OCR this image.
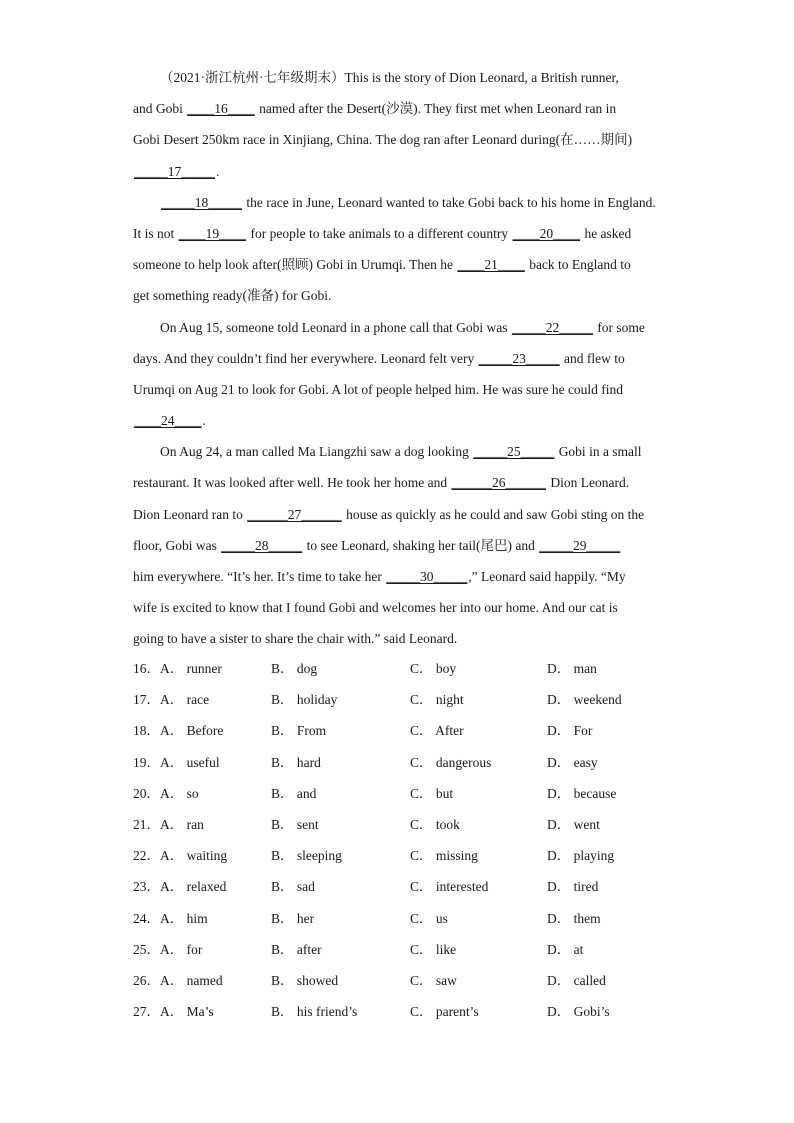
（2021·浙江杭州·七年级期末）This is the story of Dion Leonard, a British runner,
and Gobi ____16____ named after the Desert(沙漠). They first met when Leonard ran in
Gobi Desert 250km race in Xinjiang, China. The dog ran after Leonard during(在……期间)
_____17_____.
_____18_____ the race in June, Leonard wanted to take Gobi back to his home in England.
It is not ____19____ for people to take animals to a different country ____20____ he asked
someone to help look after(照顾) Gobi in Urumqi. Then he ____21____ back to England to
get something ready(准备) for Gobi.
On Aug 15, someone told Leonard in a phone call that Gobi was _____22_____ for some
days. And they couldn’t find her everywhere. Leonard felt very _____23_____ and flew to
Urumqi on Aug 21 to look for Gobi. A lot of people helped him. He was sure he could find
____24____.
On Aug 24, a man called Ma Liangzhi saw a dog looking _____25_____ Gobi in a small
restaurant. It was looked after well. He took her home and ______26______ Dion Leonard.
Dion Leonard ran to ______27______ house as quickly as he could and saw Gobi sting on the
floor, Gobi was _____28_____ to see Leonard, shaking her tail(尾巴) and _____29_____
him everywhere. “It’s her. It’s time to take her _____30_____,” Leonard said happily. “My
wife is excited to know that I found Gobi and welcomes her into our home. And our cat is
going to have a sister to share the chair with.” said Leonard.
16．A． runner	B． dog	C． boy	D． man
17．A． race	B． holiday	C． night	D． weekend
18．A． Before	B． From	C． After	D． For
19．A． useful	B． hard	C． dangerous	D． easy
20．A． so	B． and	C． but	D． because
21．A． ran	B． sent	C． took	D． went
22．A． waiting	B． sleeping	C． missing	D． playing
23．A． relaxed	B． sad	C． interested	D． tired
24．A． him	B． her	C． us	D． them
25．A． for	B． after	C． like	D． at
26．A． named	B． showed	C． saw	D． called
27．A． Ma’s	B． his friend’s	C． parent’s	D． Gobi’s
